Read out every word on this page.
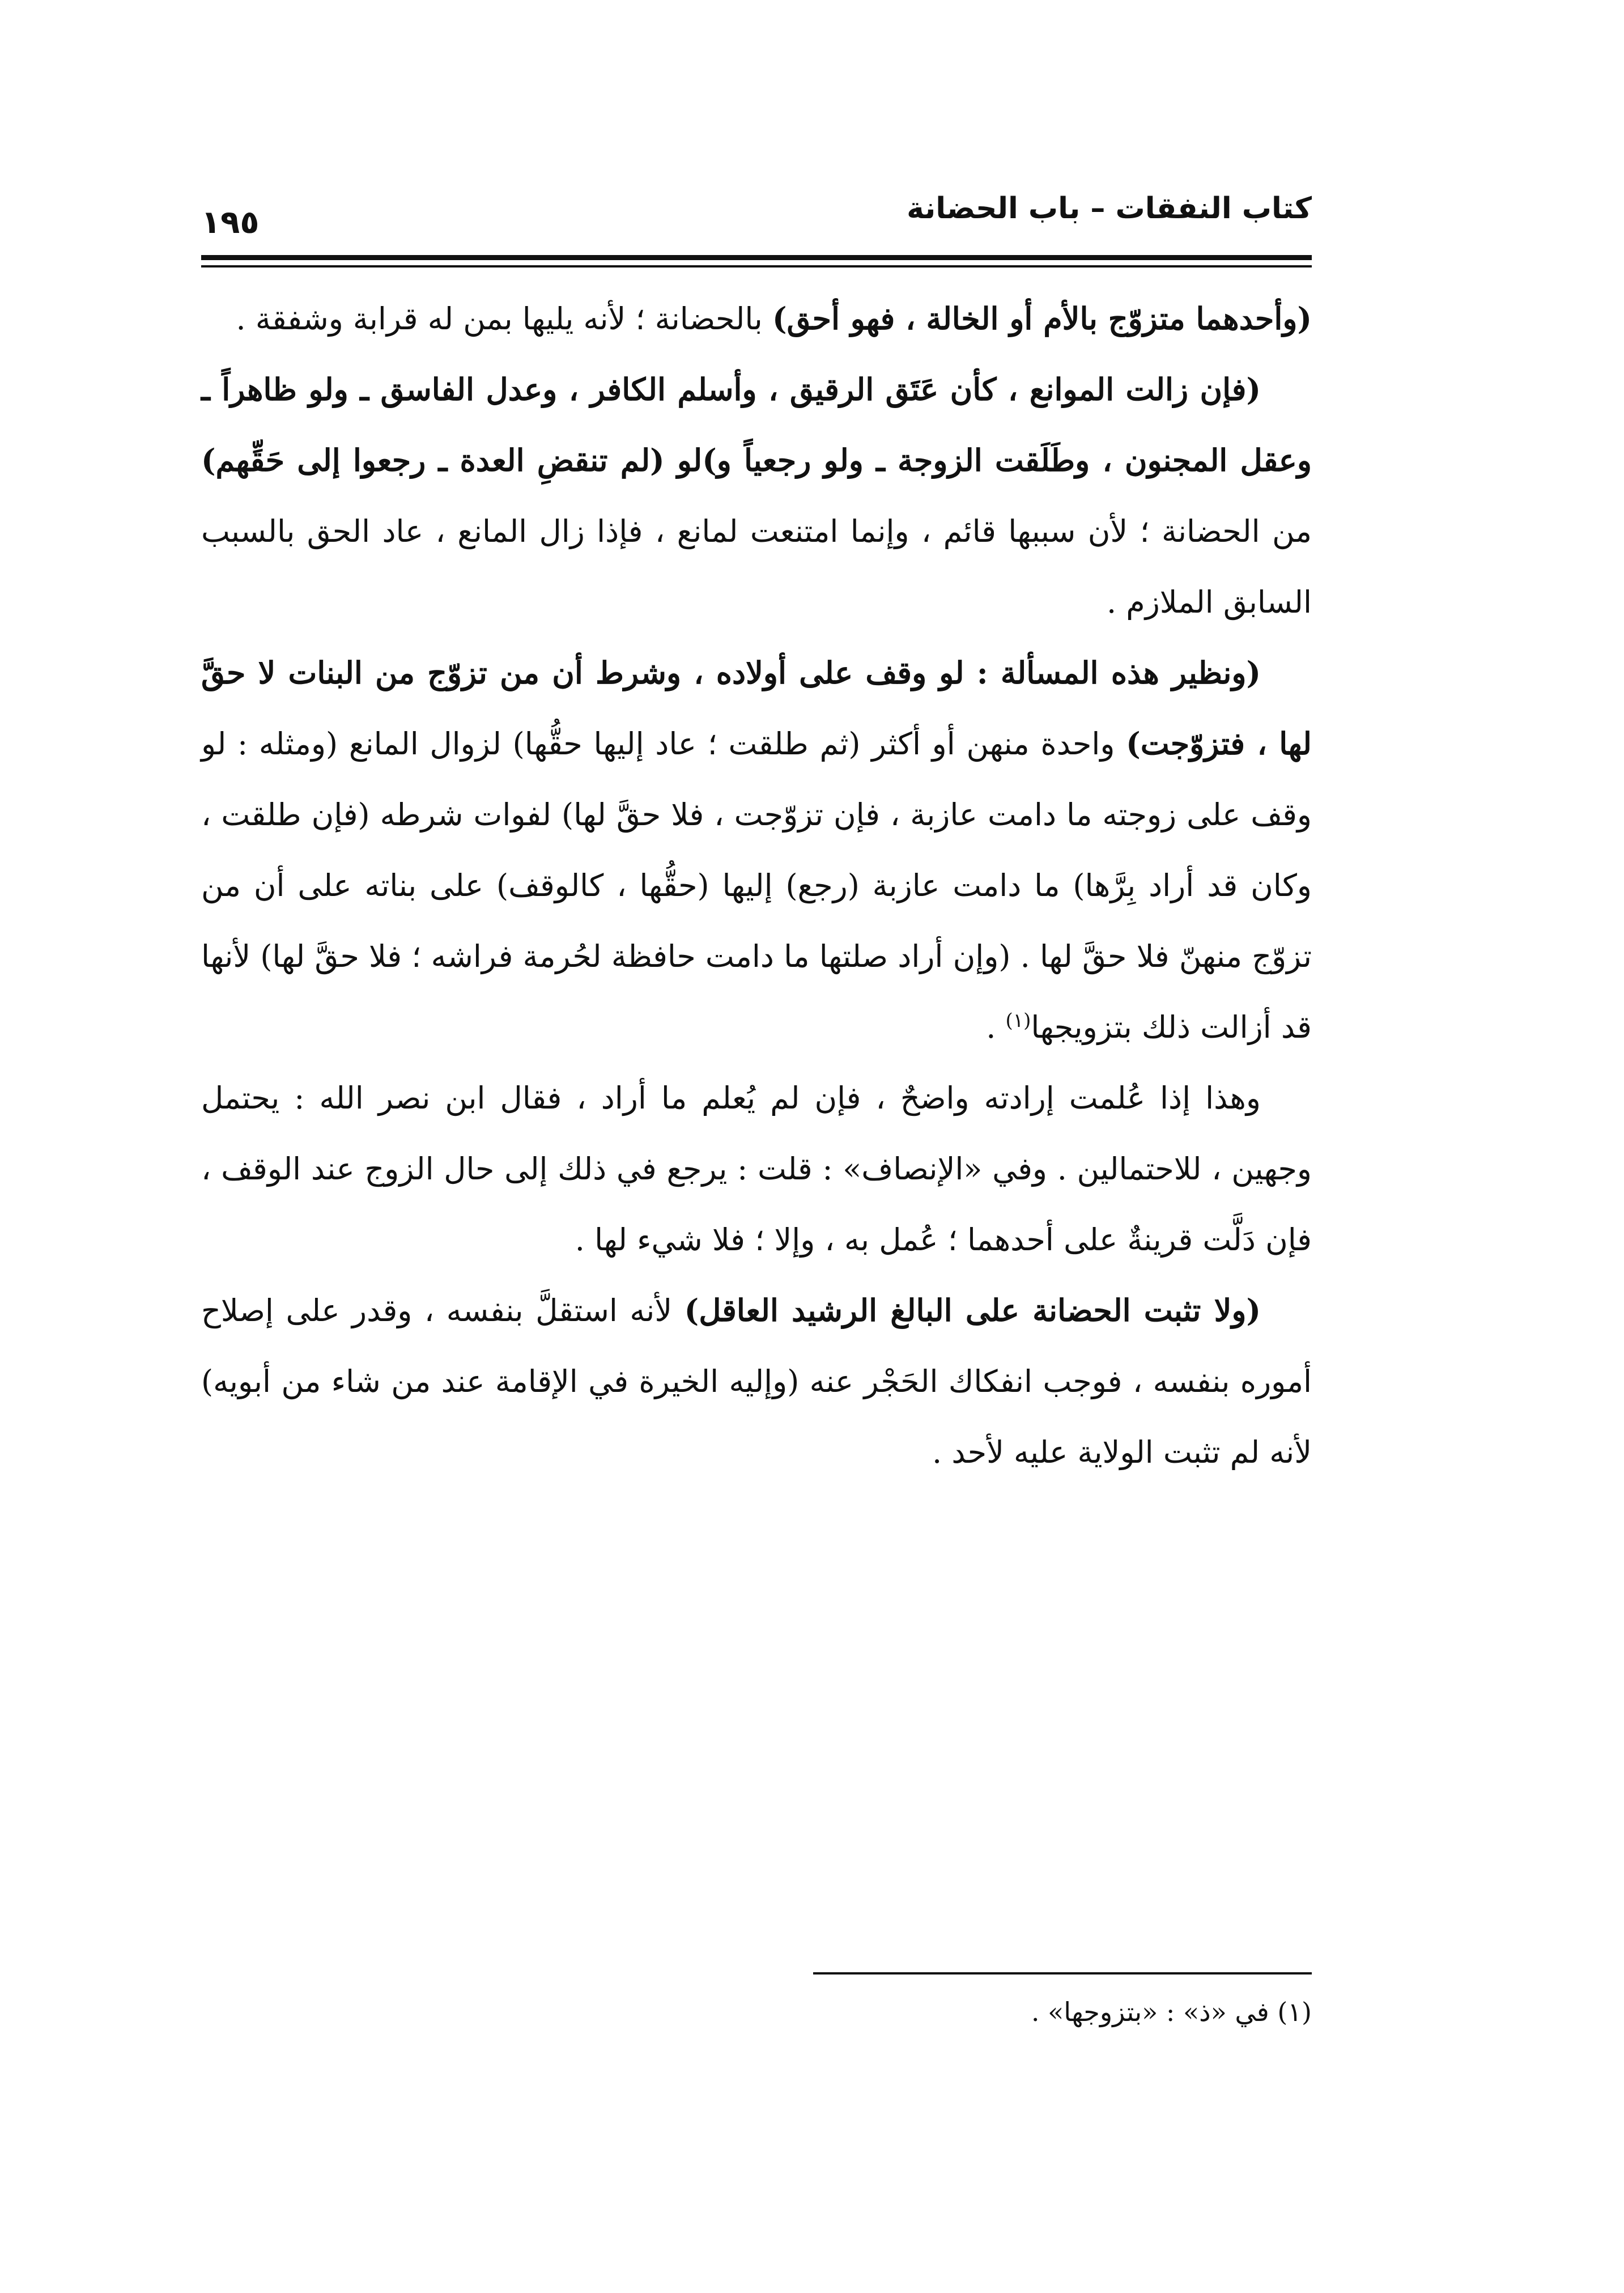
كتاب النفقات – باب الحضانة
١٩٥

(وأحدهما متزوّج بالأم أو الخالة ، فهو أحق) بالحضانة ؛ لأنه يليها بمن له قرابة وشفقة .

(فإن زالت الموانع ، كأن عَتَق الرقيق ، وأسلم الكافر ، وعدل الفاسق ـ ولو ظاهراً ـ وعقل المجنون ، وطَلَقت الزوجة ـ ولو رجعياً و)لو (لم تنقضِ العدة ـ رجعوا إلى حَقِّهم) من الحضانة ؛ لأن سببها قائم ، وإنما امتنعت لمانع ، فإذا زال المانع ، عاد الحق بالسبب السابق الملازم .

(ونظير هذه المسألة : لو وقف على أولاده ، وشرط أن من تزوّج من البنات لا حقَّ لها ، فتزوّجت) واحدة منهن أو أكثر (ثم طلقت ؛ عاد إليها حقُّها) لزوال المانع (ومثله : لو وقف على زوجته ما دامت عازبة ، فإن تزوّجت ، فلا حقَّ لها) لفوات شرطه (فإن طلقت ، وكان قد أراد بِرَّها) ما دامت عازبة (رجع) إليها (حقُّها ، كالوقف) على بناته على أن من تزوّج منهنّ فلا حقَّ لها . (وإن أراد صلتها ما دامت حافظة لحُرمة فراشه ؛ فلا حقَّ لها) لأنها قد أزالت ذلك بتزويجها$^{(١)}$ .

وهذا إذا عُلمت إرادته واضحٌ ، فإن لم يُعلم ما أراد ، فقال ابن نصر الله : يحتمل وجهين ، للاحتمالين . وفي «الإنصاف» : قلت : يرجع في ذلك إلى حال الزوج عند الوقف ، فإن دَلَّت قرينةٌ على أحدهما ؛ عُمل به ، وإلا ؛ فلا شيء لها .

(ولا تثبت الحضانة على البالغ الرشيد العاقل) لأنه استقلَّ بنفسه ، وقدر على إصلاح أموره بنفسه ، فوجب انفكاك الحَجْر عنه (وإليه الخيرة في الإقامة عند من شاء من أبويه) لأنه لم تثبت الولاية عليه لأحد .

(١) في «ذ» : «بتزوجها» .
